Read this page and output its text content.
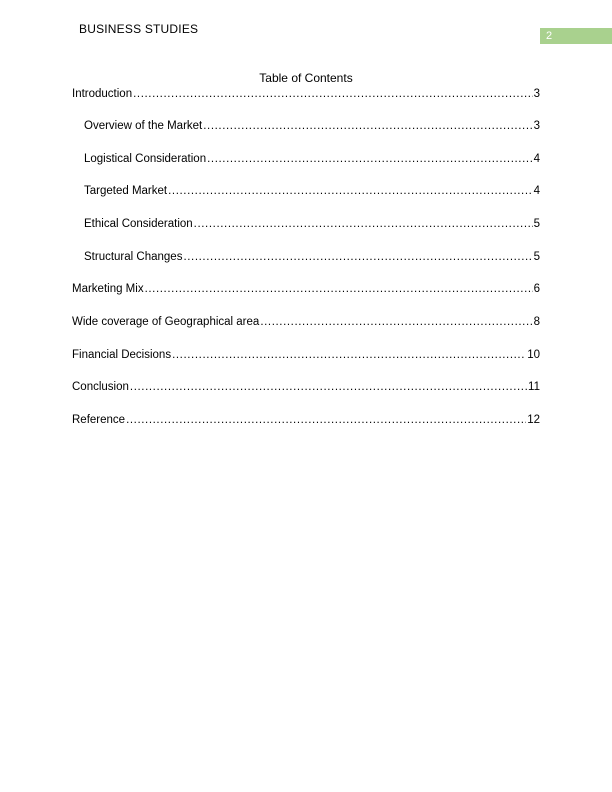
BUSINESS STUDIES	2
Table of Contents
Introduction .....	3
Overview of the Market .....	3
Logistical Consideration .....	4
Targeted Market .....	4
Ethical Consideration .....	5
Structural Changes .....	5
Marketing Mix .....	6
Wide coverage of Geographical area .....	8
Financial Decisions .....	10
Conclusion .....	11
Reference .....	12
